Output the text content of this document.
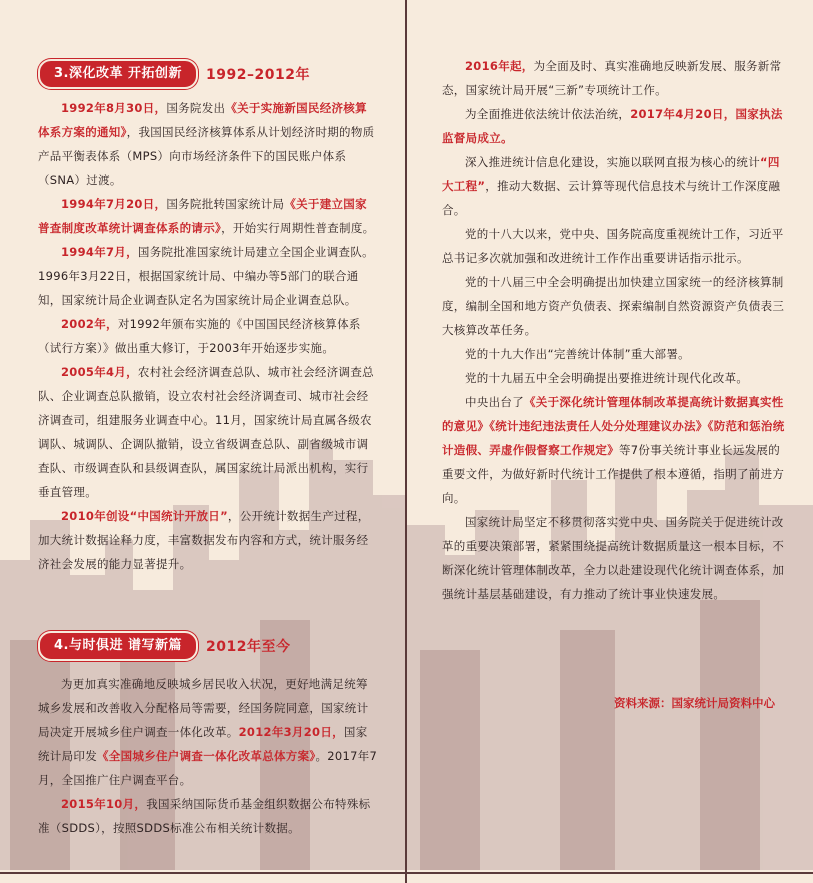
3.深化改革 开拓创新	1992–2012年

1992年8月30日，国务院发出《关于实施新国民经济核算体系方案的通知》，我国国民经济核算体系从计划经济时期的物质产品平衡表体系（MPS）向市场经济条件下的国民账户体系（SNA）过渡。

1994年7月20日，国务院批转国家统计局《关于建立国家普查制度改革统计调查体系的请示》，开始实行周期性普查制度。

1994年7月，国务院批准国家统计局建立全国企业调查队。1996年3月22日，根据国家统计局、中编办等5部门的联合通知，国家统计局企业调查队定名为国家统计局企业调查总队。

2002年，对1992年颁布实施的《中国国民经济核算体系（试行方案）》做出重大修订，于2003年开始逐步实施。

2005年4月，农村社会经济调查总队、城市社会经济调查总队、企业调查总队撤销，设立农村社会经济调查司、城市社会经济调查司，组建服务业调查中心。11月，国家统计局直属各级农调队、城调队、企调队撤销，设立省级调查总队、副省级城市调查队、市级调查队和县级调查队，属国家统计局派出机构，实行垂直管理。

2010年创设“中国统计开放日”，公开统计数据生产过程，加大统计数据诠释力度，丰富数据发布内容和方式，统计服务经济社会发展的能力显著提升。

4.与时俱进 谱写新篇	2012年至今

为更加真实准确地反映城乡居民收入状况，更好地满足统筹城乡发展和改善收入分配格局等需要，经国务院同意，国家统计局决定开展城乡住户调查一体化改革。2012年3月20日，国家统计局印发《全国城乡住户调查一体化改革总体方案》。2017年7月，全国推广住户调查平台。

2015年10月，我国采纳国际货币基金组织数据公布特殊标准（SDDS），按照SDDS标准公布相关统计数据。

2016年起，为全面及时、真实准确地反映新发展、服务新常态，国家统计局开展“三新”专项统计工作。

为全面推进依法统计依法治统，2017年4月20日，国家执法监督局成立。

深入推进统计信息化建设，实施以联网直报为核心的统计“四大工程”，推动大数据、云计算等现代信息技术与统计工作深度融合。

党的十八大以来，党中央、国务院高度重视统计工作，习近平总书记多次就加强和改进统计工作作出重要讲话指示批示。

党的十八届三中全会明确提出加快建立国家统一的经济核算制度，编制全国和地方资产负债表、探索编制自然资源资产负债表三大核算改革任务。

党的十九大作出“完善统计体制”重大部署。

党的十九届五中全会明确提出要推进统计现代化改革。

中央出台了《关于深化统计管理体制改革提高统计数据真实性的意见》《统计违纪违法责任人处分处理建议办法》《防范和惩治统计造假、弄虚作假督察工作规定》等7份事关统计事业长远发展的重要文件，为做好新时代统计工作提供了根本遵循，指明了前进方向。

国家统计局坚定不移贯彻落实党中央、国务院关于促进统计改革的重要决策部署，紧紧围绕提高统计数据质量这一根本目标，不断深化统计管理体制改革，全力以赴建设现代化统计调查体系，加强统计基层基础建设，有力推动了统计事业快速发展。

资料来源：国家统计局资料中心
